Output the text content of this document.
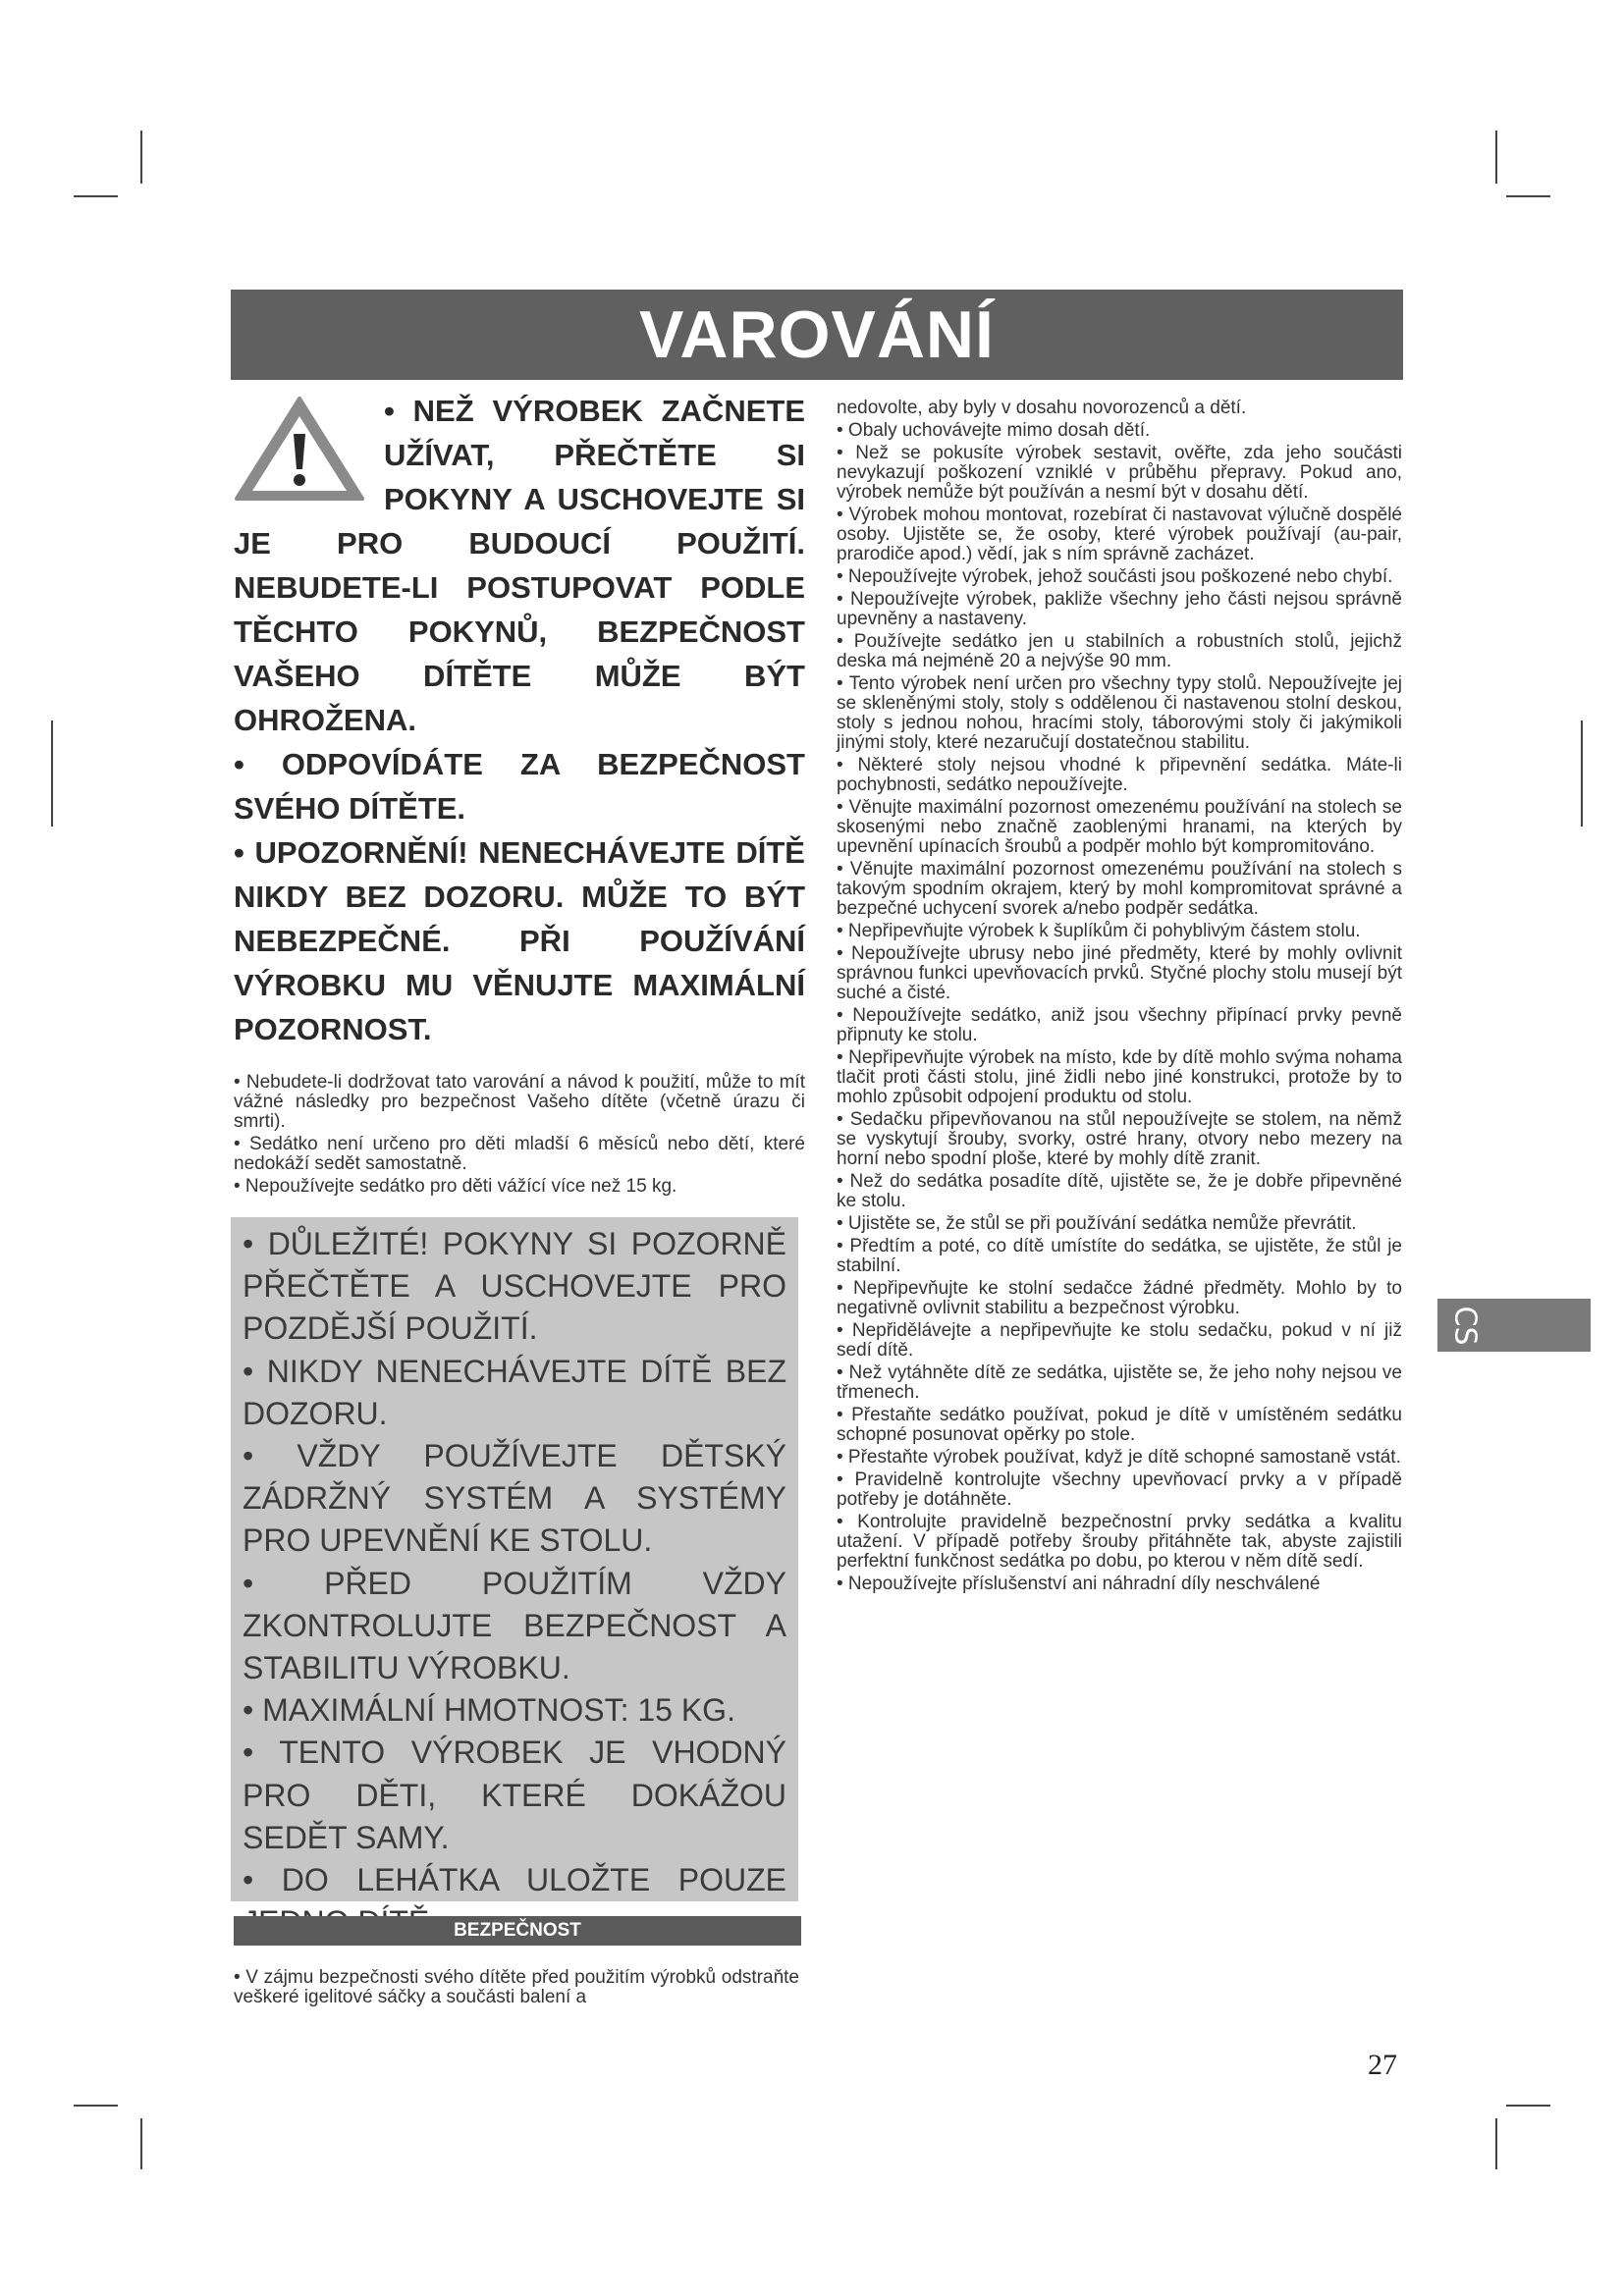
VAROVÁNÍ

• NEŽ VÝROBEK ZAČNETE UŽÍVAT, PŘEČTĚTE SI POKYNY A USCHOVEJTE SI JE PRO BUDOUCÍ POUŽITÍ. NEBUDETE-LI POSTUPOVAT PODLE TĚCHTO POKYNŮ, BEZPEČNOST VAŠEHO DÍTĚTE MŮŽE BÝT OHROŽENA.

• ODPOVÍDÁTE ZA BEZPEČNOST SVÉHO DÍTĚTE.

• UPOZORNĚNÍ! NENECHÁVEJTE DÍTĚ NIKDY BEZ DOZORU. MŮŽE TO BÝT NEBEZPEČNÉ. PŘI POUŽÍVÁNÍ VÝROBKU MU VĚNUJTE MAXIMÁLNÍ POZORNOST.

• Nebudete-li dodržovat tato varování a návod k použití, může to mít vážné následky pro bezpečnost Vašeho dítěte (včetně úrazu či smrti).

• Sedátko není určeno pro děti mladší 6 měsíců nebo dětí, které nedokáží sedět samostatně.

• Nepoužívejte sedátko pro děti vážící více než 15 kg.

• DŮLEŽITÉ! POKYNY SI POZORNĚ PŘEČTĚTE A USCHOVEJTE PRO POZDĚJŠÍ POUŽITÍ.

• NIKDY NENECHÁVEJTE DÍTĚ BEZ DOZORU.

• VŽDY POUŽÍVEJTE DĚTSKÝ ZÁDRŽNÝ SYSTÉM A SYSTÉMY PRO UPEVNĚNÍ KE STOLU.

• PŘED POUŽITÍM VŽDY ZKONTROLUJTE BEZPEČNOST A STABILITU VÝROBKU.

• MAXIMÁLNÍ HMOTNOST: 15 KG.

• TENTO VÝROBEK JE VHODNÝ PRO DĚTI, KTERÉ DOKÁŽOU SEDĚT SAMY.

• DO LEHÁTKA ULOŽTE POUZE

BEZPEČNOST

• V zájmu bezpečnosti svého dítěte před použitím výrobků odstraňte veškeré igelitové sáčky a součásti balení a

nedovolte, aby byly v dosahu novorozenců a dětí.

• Obaly uchovávejte mimo dosah dětí.

• Než se pokusíte výrobek sestavit, ověřte, zda jeho součásti nevykazují poškození vzniklé v průběhu přepravy. Pokud ano, výrobek nemůže být používán a nesmí být v dosahu dětí.

• Výrobek mohou montovat, rozebírat či nastavovat výlučně dospělé osoby. Ujistěte se, že osoby, které výrobek používají (au-pair, prarodiče apod.) vědí, jak s ním správně zacházet.

• Nepoužívejte výrobek, jehož součásti jsou poškozené nebo chybí.

• Nepoužívejte výrobek, pakliže všechny jeho části nejsou správně upevněny a nastaveny.

• Používejte sedátko jen u stabilních a robustních stolů, jejichž deska má nejméně 20 a nejvýše 90 mm.

• Tento výrobek není určen pro všechny typy stolů. Nepoužívejte jej se skleněnými stoly, stoly s oddělenou či nastavenou stolní deskou, stoly s jednou nohou, hracími stoly, táborovými stoly či jakýmikoli jinými stoly, které nezaručují dostatečnou stabilitu.

• Některé stoly nejsou vhodné k připevnění sedátka. Máte-li pochybnosti, sedátko nepoužívejte.

• Věnujte maximální pozornost omezenému používání na stolech se skosenými nebo značně zaoblenými hranami, na kterých by upevnění upínacích šroubů a podpěr mohlo být kompromitováno.

• Věnujte maximální pozornost omezenému používání na stolech s takovým spodním okrajem, který by mohl kompromitovat správné a bezpečné uchycení svorek a/nebo podpěr sedátka.

• Nepřipevňujte výrobek k šuplíkům či pohyblivým částem stolu.

• Nepoužívejte ubrusy nebo jiné předměty, které by mohly ovlivnit správnou funkci upevňovacích prvků. Styčné plochy stolu musejí být suché a čisté.

• Nepoužívejte sedátko, aniž jsou všechny připínací prvky pevně připnuty ke stolu.

• Nepřipevňujte výrobek na místo, kde by dítě mohlo svýma nohama tlačit proti části stolu, jiné židli nebo jiné konstrukci, protože by to mohlo způsobit odpojení produktu od stolu.

• Sedačku připevňovanou na stůl nepoužívejte se stolem, na němž se vyskytují šrouby, svorky, ostré hrany, otvory nebo mezery na horní nebo spodní ploše, které by mohly dítě zranit.

• Než do sedátka posadíte dítě, ujistěte se, že je dobře připevněné ke stolu.

• Ujistěte se, že stůl se při používání sedátka nemůže převrátit.

• Předtím a poté, co dítě umístíte do sedátka, se ujistěte, že stůl je stabilní.

• Nepřipevňujte ke stolní sedačce žádné předměty. Mohlo by to negativně ovlivnit stabilitu a bezpečnost výrobku.

• Nepřidělávejte a nepřipevňujte ke stolu sedačku, pokud v ní již sedí dítě.

• Než vytáhněte dítě ze sedátka, ujistěte se, že jeho nohy nejsou ve třmenech.

• Přestaňte sedátko používat, pokud je dítě v umístěném sedátku schopné posunovat opěrky po stole.

• Přestaňte výrobek používat, když je dítě schopné samostaně vstát.

• Pravidelně kontrolujte všechny upevňovací prvky a v případě potřeby je dotáhněte.

• Kontrolujte pravidelně bezpečnostní prvky sedátka a kvalitu utažení. V případě potřeby šrouby přitáhněte tak, abyste zajistili perfektní funkčnost sedátka po dobu, po kterou v něm dítě sedí.

• Nepoužívejte příslušenství ani náhradní díly neschválené

CS
27
